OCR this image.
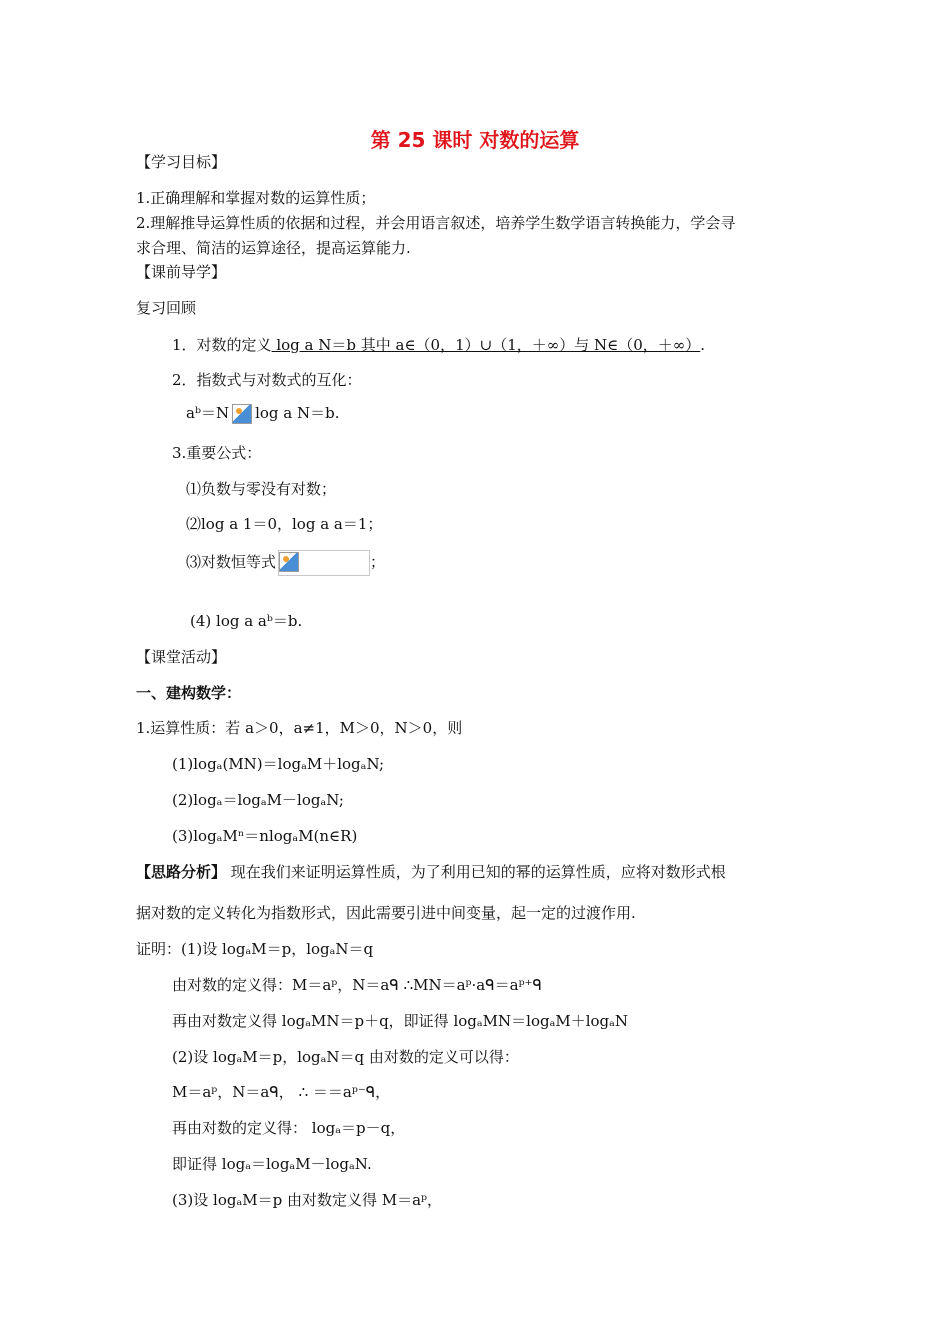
第 25 课时 对数的运算
【学习目标】
1.正确理解和掌握对数的运算性质；
2.理解推导运算性质的依据和过程，并会用语言叙述，培养学生数学语言转换能力，学会寻
求合理、简洁的运算途径，提高运算能力.
【课前导学】
复习回顾
1．对数的定义 log a N＝b 其中 a∈（0，1）∪（1，＋∞）与 N∈（0，＋∞）.
2．指数式与对数式的互化：
aᵇ＝N log a N＝b.
3.重要公式：
⑴负数与零没有对数；
⑵log a 1＝0，log a a＝1；
⑶对数恒等式	；
(4) log a aᵇ＝b.
【课堂活动】
一、建构数学：
1.运算性质：若 a＞0，a≠1，M＞0，N＞0，则
(1)logₐ(MN)＝logₐM＋logₐN;
(2)logₐ＝logₐM－logₐN;
(3)logₐMⁿ＝nlogₐM(n∈R)
【思路分析】 现在我们来证明运算性质，为了利用已知的幂的运算性质，应将对数形式根
据对数的定义转化为指数形式，因此需要引进中间变量，起一定的过渡作用.
证明：(1)设 logₐM＝p，logₐN＝q
由对数的定义得：M＝aᵖ，N＝aᑫ ∴MN＝aᵖ·aᑫ＝aᵖ⁺ᑫ
再由对数定义得 logₐMN＝p＋q，即证得 logₐMN＝logₐM＋logₐN
(2)设 logₐM＝p，logₐN＝q 由对数的定义可以得：
M＝aᵖ，N＝aᑫ， ∴ ＝＝aᵖ⁻ᑫ，
再由对数的定义得： logₐ＝p－q，
即证得 logₐ＝logₐM－logₐN.
(3)设 logₐM＝p 由对数定义得 M＝aᵖ，
